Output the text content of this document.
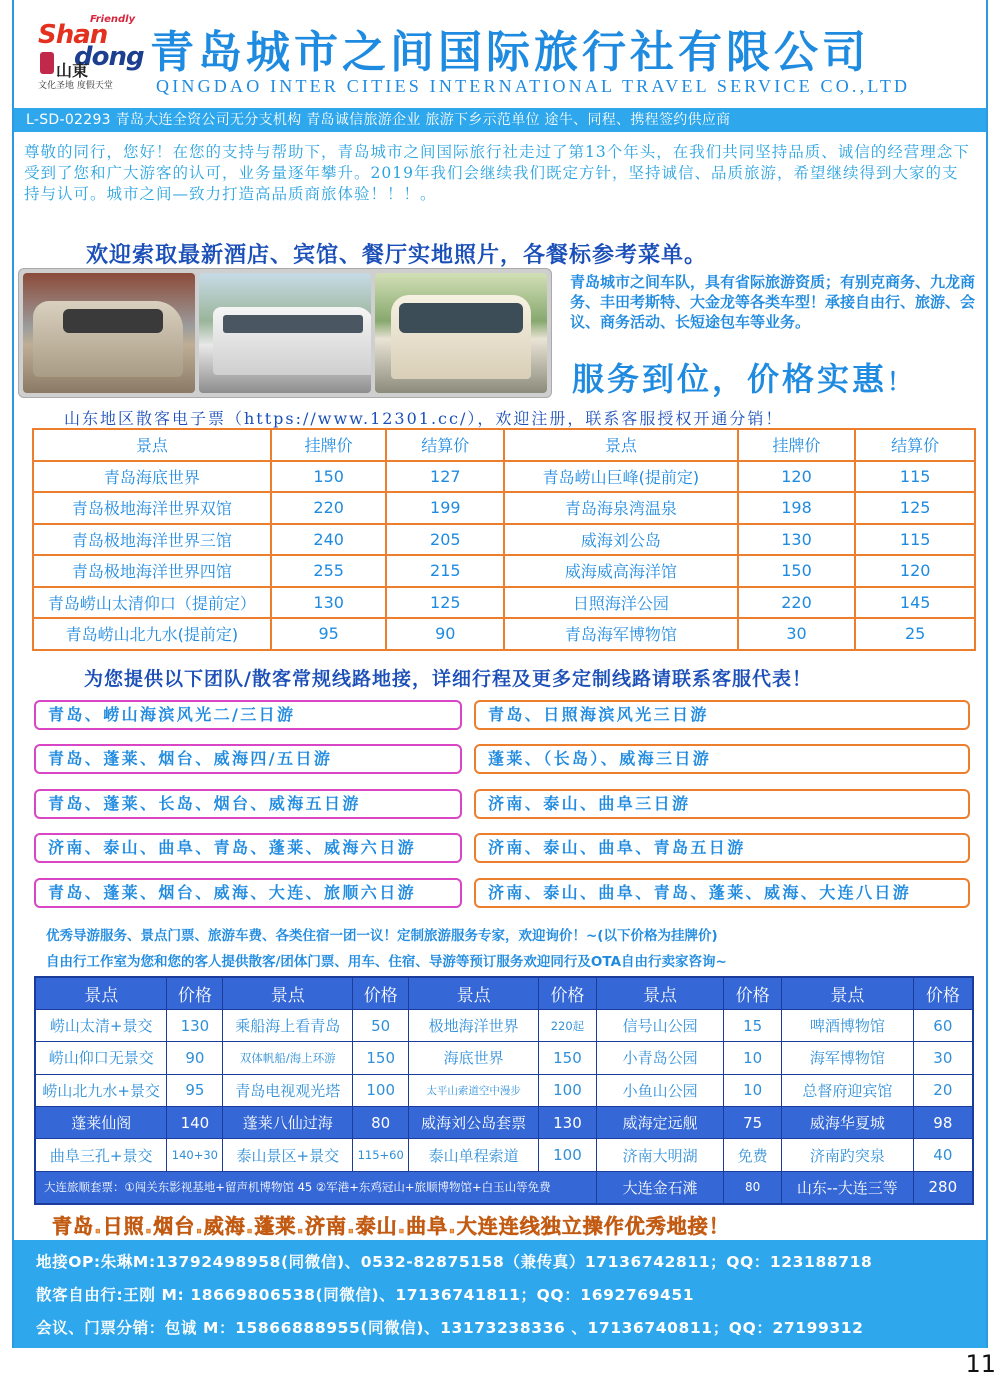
Friendly
Shan
dong
山東
文化圣地 度假天堂
青岛城市之间国际旅行社有限公司
QINGDAO INTER CITIES INTERNATIONAL TRAVEL SERVICE CO.,LTD
L-SD-02293 青岛大连全资公司无分支机构 青岛诚信旅游企业 旅游下乡示范单位 途牛、同程、携程签约供应商
尊敬的同行，您好！在您的支持与帮助下，青岛城市之间国际旅行社走过了第13个年头，在我们共同坚持品质、诚信的经营理念下受到了您和广大游客的认可，业务量逐年攀升。2019年我们会继续我们既定方针，坚持诚信、品质旅游，希望继续得到大家的支持与认可。城市之间—致力打造高品质商旅体验！！！。
欢迎索取最新酒店、宾馆、餐厅实地照片，各餐标参考菜单。
青岛城市之间车队，具有省际旅游资质；有别克商务、九龙商务、丰田考斯特、大金龙等各类车型！承接自由行、旅游、会议、商务活动、长短途包车等业务。
服务到位，价格实惠！
山东地区散客电子票（https://www.12301.cc/），欢迎注册，联系客服授权开通分销！
景点	挂牌价	结算价	景点	挂牌价	结算价
青岛海底世界	150	127	青岛崂山巨峰(提前定)	120	115
青岛极地海洋世界双馆	220	199	青岛海泉湾温泉	198	125
青岛极地海洋世界三馆	240	205	威海刘公岛	130	115
青岛极地海洋世界四馆	255	215	威海威高海洋馆	150	120
青岛崂山太清仰口（提前定）	130	125	日照海洋公园	220	145
青岛崂山北九水(提前定)	95	90	青岛海军博物馆	30	25
为您提供以下团队/散客常规线路地接，详细行程及更多定制线路请联系客服代表！
青岛、崂山海滨风光二/三日游
青岛、蓬莱、烟台、威海四/五日游
青岛、蓬莱、长岛、烟台、威海五日游
济南、泰山、曲阜、青岛、蓬莱、威海六日游
青岛、蓬莱、烟台、威海、大连、旅顺六日游
青岛、日照海滨风光三日游
蓬莱、（长岛）、威海三日游
济南、泰山、曲阜三日游
济南、泰山、曲阜、青岛五日游
济南、泰山、曲阜、青岛、蓬莱、威海、大连八日游
优秀导游服务、景点门票、旅游车费、各类住宿一团一议！定制旅游服务专家，欢迎询价！~(以下价格为挂牌价)
自由行工作室为您和您的客人提供散客/团体门票、用车、住宿、导游等预订服务欢迎同行及OTA自由行卖家咨询~
景点	价格	景点	价格	景点	价格	景点	价格	景点	价格
崂山太清+景交	130	乘船海上看青岛	50	极地海洋世界	220起	信号山公园	15	啤酒博物馆	60
崂山仰口无景交	90	双体帆船/海上环游	150	海底世界	150	小青岛公园	10	海军博物馆	30
崂山北九水+景交	95	青岛电视观光塔	100	太平山索道空中漫步	100	小鱼山公园	10	总督府迎宾馆	20
蓬莱仙阁	140	蓬莱八仙过海	80	威海刘公岛套票	130	威海定远舰	75	威海华夏城	98
曲阜三孔+景交	140+30	泰山景区+景交	115+60	泰山单程索道	100	济南大明湖	免费	济南趵突泉	40
大连旅顺套票：①闯关东影视基地+留声机博物馆 45 ②军港+东鸡冠山+旅顺博物馆+白玉山等免费						大连金石滩	80	山东--大连三等	280
青岛.日照.烟台.威海.蓬莱.济南.泰山.曲阜.大连连线独立操作优秀地接！
地接OP:朱琳M:13792498958(同微信)、0532-82875158（兼传真）17136742811；QQ：123188718
散客自由行:王刚 M: 18669806538(同微信)、17136741811；QQ：1692769451
会议、门票分销：包诚 M：15866888955(同微信)、13173238336 、17136740811；QQ：27199312
11
